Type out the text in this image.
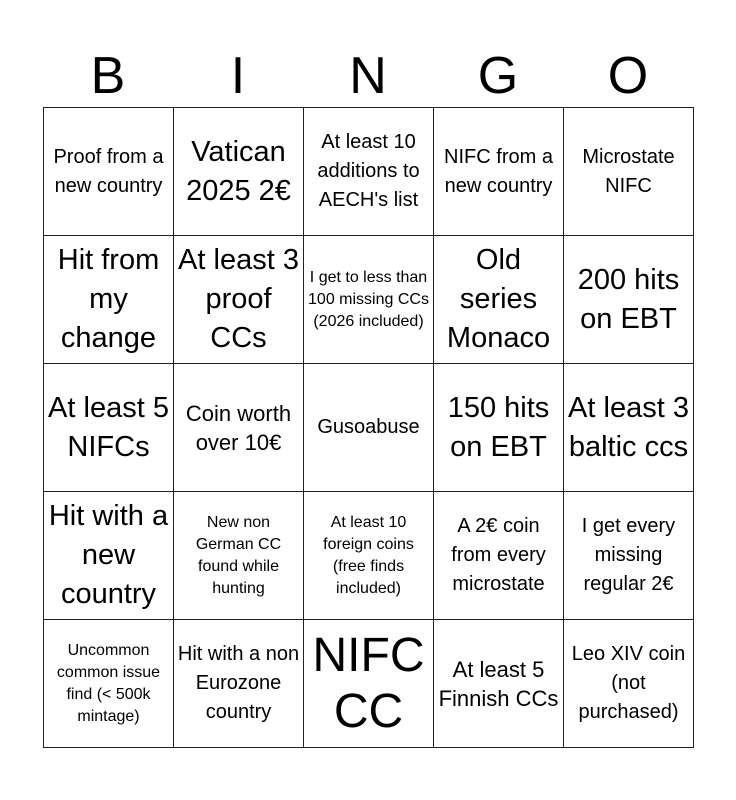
B	I	N	G	O
Proof from a new country	Vatican 2025 2€	At least 10 additions to AECH's list	NIFC from a new country	Microstate NIFC

Hit from my change	At least 3 proof CCs	I get to less than 100 missing CCs (2026 included)	Old series Monaco	200 hits on EBT

At least 5 NIFCs	Coin worth over 10€	Gusoabuse	150 hits on EBT	At least 3 baltic ccs

Hit with a new country	New non German CC found while hunting	At least 10 foreign coins (free finds included)	A 2€ coin from every microstate	I get every missing regular 2€

Uncommon common issue find (< 500k mintage)	Hit with a non Eurozone country	NIFC CC	At least 5 Finnish CCs	Leo XIV coin (not purchased)
